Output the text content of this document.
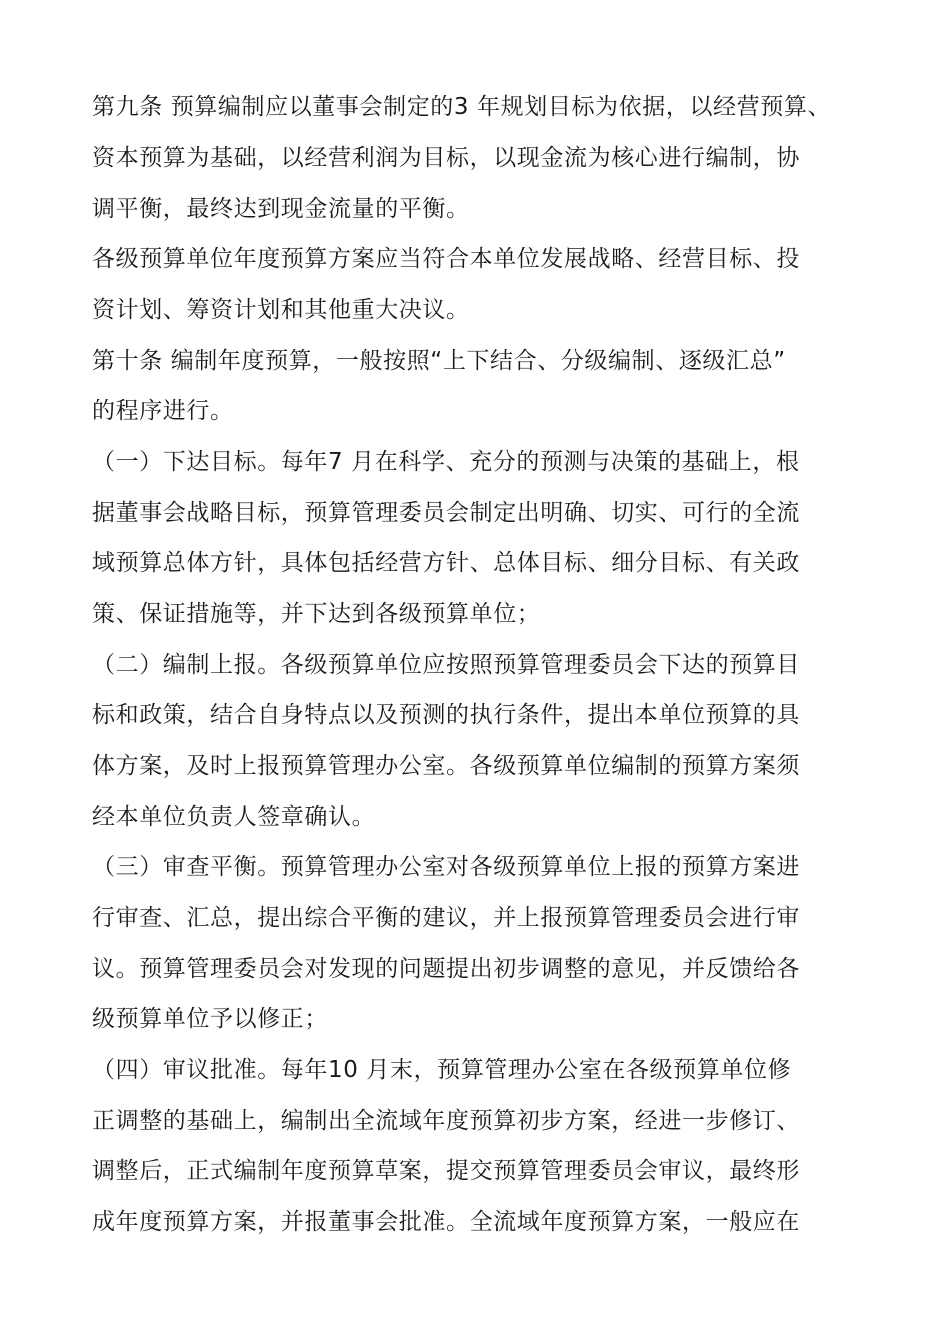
第九条 预算编制应以董事会制定的3 年规划目标为依据，以经营预算、
资本预算为基础，以经营利润为目标，以现金流为核心进行编制，协
调平衡，最终达到现金流量的平衡。
各级预算单位年度预算方案应当符合本单位发展战略、经营目标、投
资计划、筹资计划和其他重大决议。
第十条 编制年度预算，一般按照“上下结合、分级编制、逐级汇总”
的程序进行。
（一）下达目标。每年7 月在科学、充分的预测与决策的基础上，根
据董事会战略目标，预算管理委员会制定出明确、切实、可行的全流
域预算总体方针，具体包括经营方针、总体目标、细分目标、有关政
策、保证措施等，并下达到各级预算单位；
（二）编制上报。各级预算单位应按照预算管理委员会下达的预算目
标和政策，结合自身特点以及预测的执行条件，提出本单位预算的具
体方案，及时上报预算管理办公室。各级预算单位编制的预算方案须
经本单位负责人签章确认。
（三）审查平衡。预算管理办公室对各级预算单位上报的预算方案进
行审查、汇总，提出综合平衡的建议，并上报预算管理委员会进行审
议。预算管理委员会对发现的问题提出初步调整的意见，并反馈给各
级预算单位予以修正；
（四）审议批准。每年10 月末，预算管理办公室在各级预算单位修
正调整的基础上，编制出全流域年度预算初步方案，经进一步修订、
调整后，正式编制年度预算草案，提交预算管理委员会审议，最终形
成年度预算方案，并报董事会批准。全流域年度预算方案，一般应在
